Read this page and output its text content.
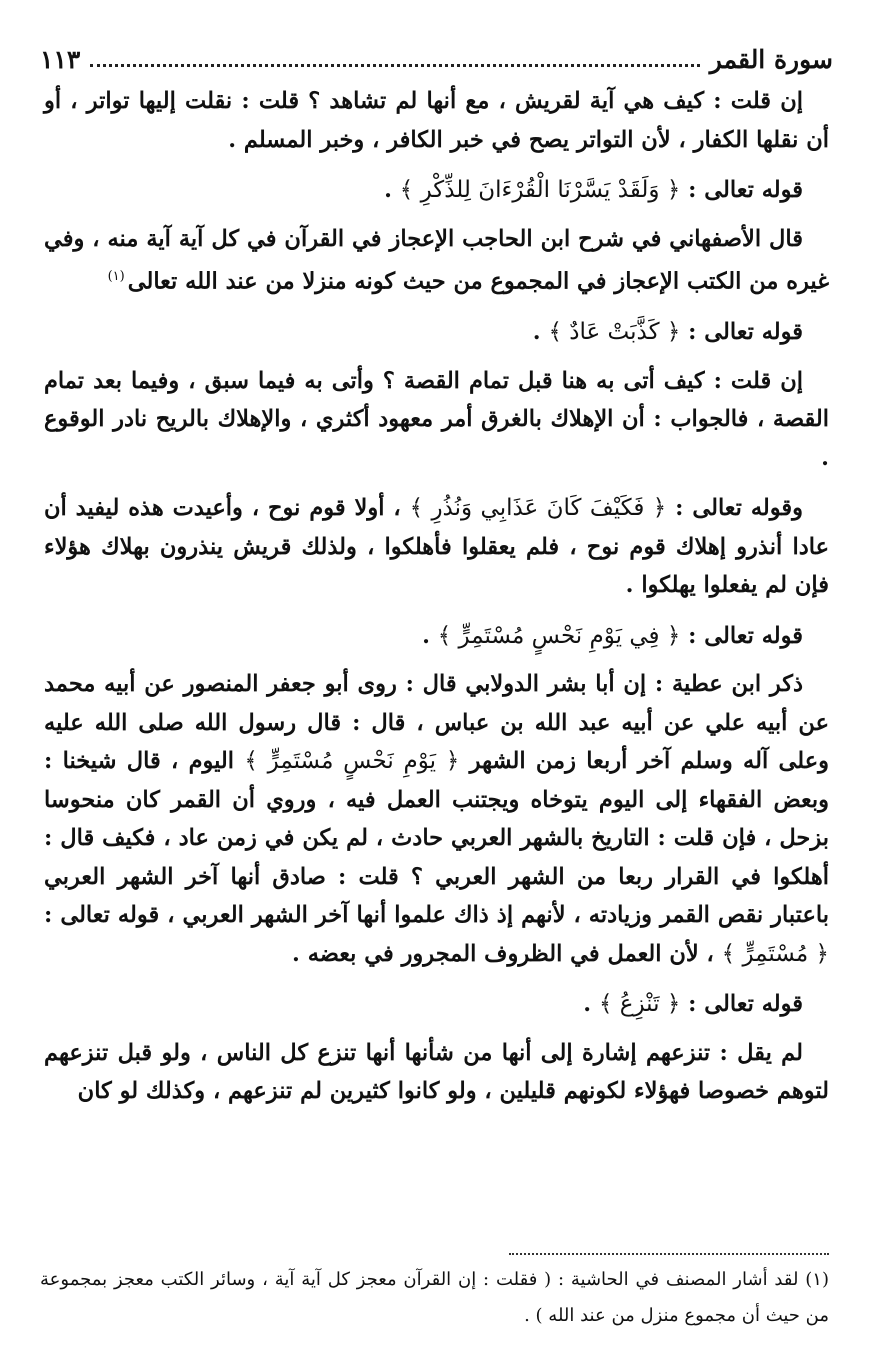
سورة القمر
١١٣

إن قلت : كيف هي آية لقريش ، مع أنها لم تشاهد ؟ قلت : نقلت إليها تواتر ، أو أن نقلها الكفار ، لأن التواتر يصح في خبر الكافر ، وخبر المسلم .

قوله تعالى : ﴿ وَلَقَدْ يَسَّرْنَا الْقُرْءَانَ لِلذِّكْرِ ﴾ .

قال الأصفهاني في شرح ابن الحاجب الإعجاز في القرآن في كل آية آية منه ، وفي غيره من الكتب الإعجاز في المجموع من حيث كونه منزلا من عند الله تعالى$^{(١)}$

قوله تعالى : ﴿ كَذَّبَتْ عَادٌ ﴾ .

إن قلت : كيف أتى به هنا قبل تمام القصة ؟ وأتى به فيما سبق ، وفيما بعد تمام القصة ، فالجواب : أن الإهلاك بالغرق أمر معهود أكثري ، والإهلاك بالريح نادر الوقوع .

وقوله تعالى : ﴿ فَكَيْفَ كَانَ عَذَابِي وَنُذُرِ ﴾ ، أولا قوم نوح ، وأعيدت هذه ليفيد أن عادا أنذرو إهلاك قوم نوح ، فلم يعقلوا فأهلكوا ، ولذلك قريش ينذرون بهلاك هؤلاء فإن لم يفعلوا يهلكوا .

قوله تعالى : ﴿ فِي يَوْمِ نَحْسٍ مُسْتَمِرٍّ ﴾ .

ذكر ابن عطية : إن أبا بشر الدولابي قال : روى أبو جعفر المنصور عن أبيه محمد عن أبيه علي عن أبيه عبد الله بن عباس ، قال : قال رسول الله صلى الله عليه وعلى آله وسلم آخر أربعا زمن الشهر ﴿ يَوْمِ نَحْسٍ مُسْتَمِرٍّ ﴾ اليوم ، قال شيخنا : وبعض الفقهاء إلى اليوم يتوخاه ويجتنب العمل فيه ، وروي أن القمر كان منحوسا بزحل ، فإن قلت : التاريخ بالشهر العربي حادث ، لم يكن في زمن عاد ، فكيف قال : أهلكوا في القرار ربعا من الشهر العربي ؟ قلت : صادق أنها آخر الشهر العربي باعتبار نقص القمر وزيادته ، لأنهم إذ ذاك علموا أنها آخر الشهر العربي ، قوله تعالى : ﴿ مُسْتَمِرٍّ ﴾ ، لأن العمل في الظروف المجرور في بعضه .

قوله تعالى : ﴿ تَنْزِعُ ﴾ .

لم يقل : تنزعهم إشارة إلى أنها من شأنها أنها تنزع كل الناس ، ولو قبل تنزعهم لتوهم خصوصا فهؤلاء لكونهم قليلين ، ولو كانوا كثيرين لم تنزعهم ، وكذلك لو كان

(١) لقد أشار المصنف في الحاشية : ( فقلت : إن القرآن معجز كل آية آية ، وسائر الكتب معجز بمجموعة من حيث أن مجموع منزل من عند الله ) .
